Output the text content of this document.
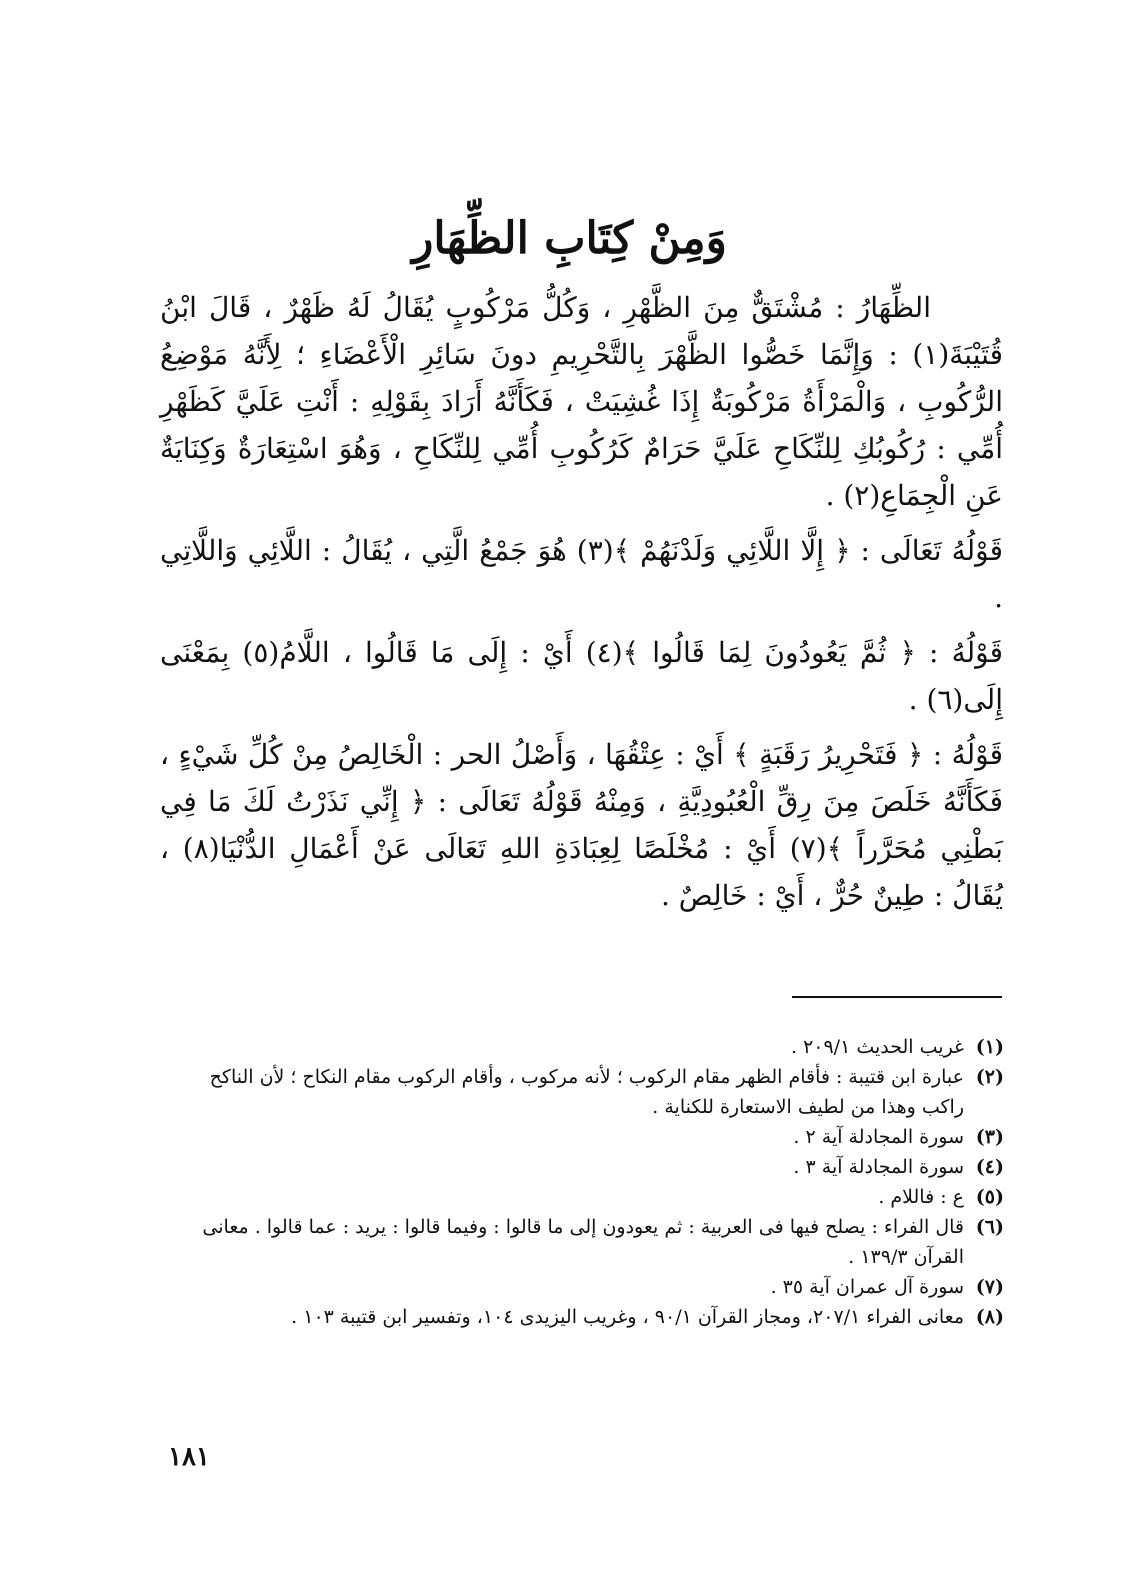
وَمِنْ كِتَابِ الظِّهَارِ

الظِّهَارُ : مُشْتَقٌّ مِنَ الظَّهْرِ ، وَكُلُّ مَرْكُوبٍ يُقَالُ لَهُ ظَهْرٌ ، قَالَ ابْنُ قُتَيْبَةَ(١) : وَإِنَّمَا خَصُّوا الظَّهْرَ بِالتَّحْرِيمِ دونَ سَائِرِ الْأَعْضَاءِ ؛ لِأَنَّهُ مَوْضِعُ الرُّكُوبِ ، وَالْمَرْأَةُ مَرْكُوبَةٌ إِذَا غُشِيَتْ ، فَكَأَنَّهُ أَرَادَ بِقَوْلِهِ : أَنْتِ عَلَيَّ كَظَهْرِ أُمِّي : رُكُوبُكِ لِلنِّكَاحِ عَلَيَّ حَرَامٌ كَرُكُوبِ أُمِّي لِلنِّكَاحِ ، وَهُوَ اسْتِعَارَةٌ وَكِنَايَةٌ عَنِ الْجِمَاعِ(٢) .

قَوْلُهُ تَعَالَى : ﴿ إِلَّا اللَّائِي وَلَدْنَهُمْ ﴾(٣) هُوَ جَمْعُ الَّتِي ، يُقَالُ : اللَّائِي وَاللَّاتِي .

قَوْلُهُ : ﴿ ثُمَّ يَعُودُونَ لِمَا قَالُوا ﴾(٤) أَيْ : إِلَى مَا قَالُوا ، اللَّامُ(٥) بِمَعْنَى إِلَى(٦) .

قَوْلُهُ : ﴿ فَتَحْرِيرُ رَقَبَةٍ ﴾ أَيْ : عِتْقُهَا ، وَأَصْلُ الحر : الْخَالِصُ مِنْ كُلِّ شَيْءٍ ، فَكَأَنَّهُ خَلَصَ مِنَ رِقِّ الْعُبُودِيَّةِ ، وَمِنْهُ قَوْلُهُ تَعَالَى : ﴿ إِنِّي نَذَرْتُ لَكَ مَا فِي بَطْنِي مُحَرَّراً ﴾(٧) أَيْ : مُخْلَصًا لِعِبَادَةِ اللهِ تَعَالَى عَنْ أَعْمَالِ الدُّنْيَا(٨) ، يُقَالُ : طِينٌ حُرٌّ ، أَيْ : خَالِصٌ .

(١)
غريب الحديث ٢٠٩/١ .
(٢)
عبارة ابن قتيبة : فأقام الظهر مقام الركوب ؛ لأنه مركوب ، وأقام الركوب مقام النكاح ؛ لأن الناكح راكب وهذا من لطيف الاستعارة للكناية .
(٣)
سورة المجادلة آية ٢ .
(٤)
سورة المجادلة آية ٣ .
(٥)
ع : فاللام .
(٦)
قال الفراء : يصلح فيها فى العربية : ثم يعودون إلى ما قالوا : وفيما قالوا : يريد : عما قالوا . معانى القرآن ١٣٩/٣ .
(٧)
سورة آل عمران آية ٣٥ .
(٨)
معانى الفراء ٢٠٧/١، ومجاز القرآن ٩٠/١ ، وغريب اليزيدى ١٠٤، وتفسير ابن قتيبة ١٠٣ .
١٨١
